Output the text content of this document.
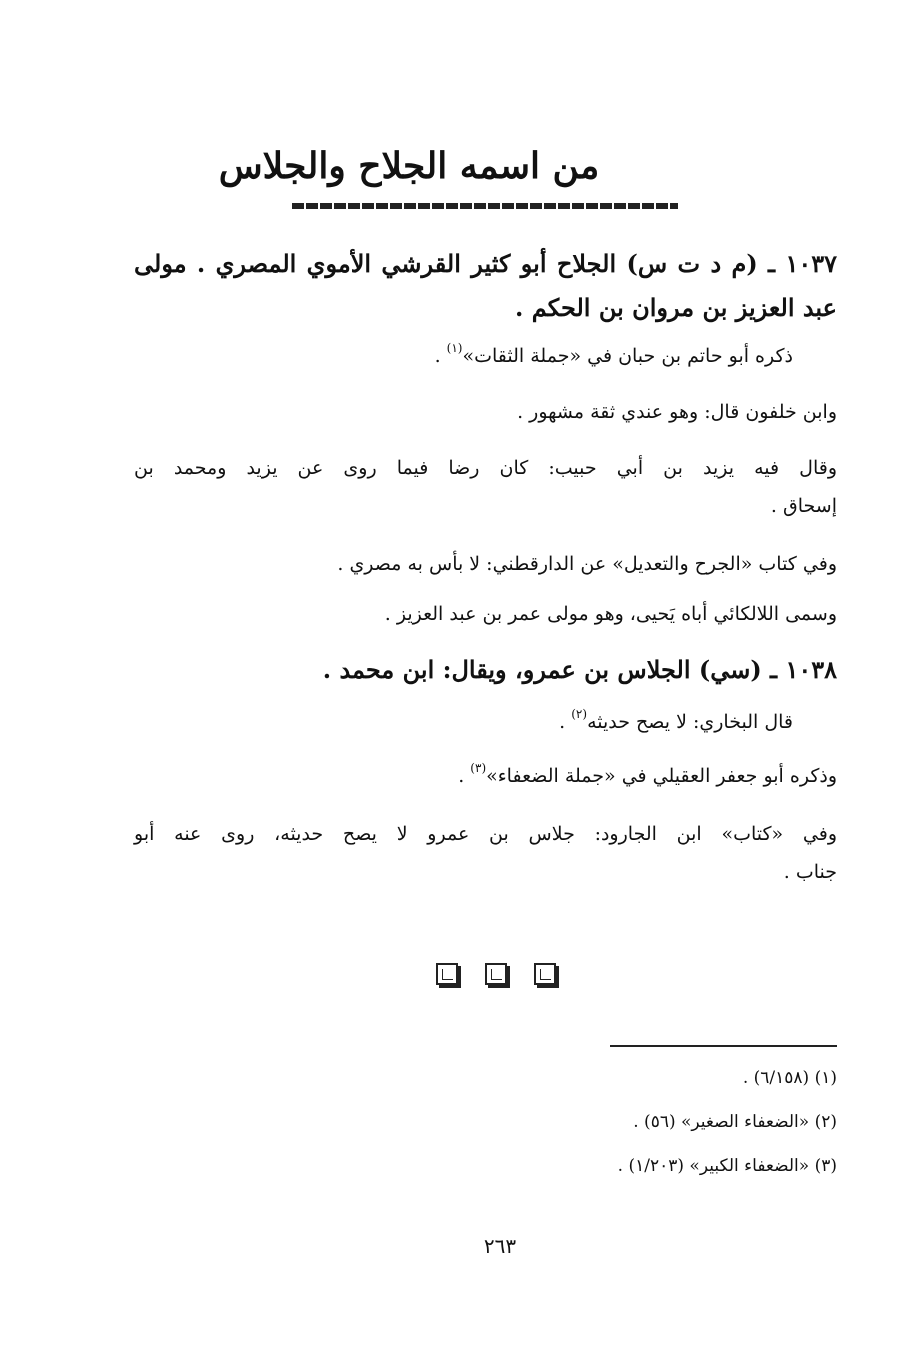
من اسمه الجلاح والجلاس
١٠٣٧ ـ (م د ت س) الجلاح أبو كثير القرشي الأموي المصري . مولى
عبد العزيز بن مروان بن الحكم .
ذكره أبو حاتم بن حبان في «جملة الثقات»$^{(١)}$ .
وابن خلفون قال: وهو عندي ثقة مشهور .
وقال فيه يزيد بن أبي حبيب: كان رضا فيما روى عن يزيد ومحمد بن
إسحاق .
وفي كتاب «الجرح والتعديل» عن الدارقطني: لا بأس به مصري .
وسمى اللالكائي أباه يَحيى، وهو مولى عمر بن عبد العزيز .
١٠٣٨ ـ (سي) الجلاس بن عمرو، ويقال: ابن محمد .
قال البخاري: لا يصح حديثه$^{(٢)}$ .
وذكره أبو جعفر العقيلي في «جملة الضعفاء»$^{(٣)}$ .
وفي «كتاب» ابن الجارود: جلاس بن عمرو لا يصح حديثه، روى عنه أبو
جناب .
(١) (٦/١٥٨) .
(٢) «الضعفاء الصغير» (٥٦) .
(٣) «الضعفاء الكبير» (١/٢٠٣) .
٢٦٣
